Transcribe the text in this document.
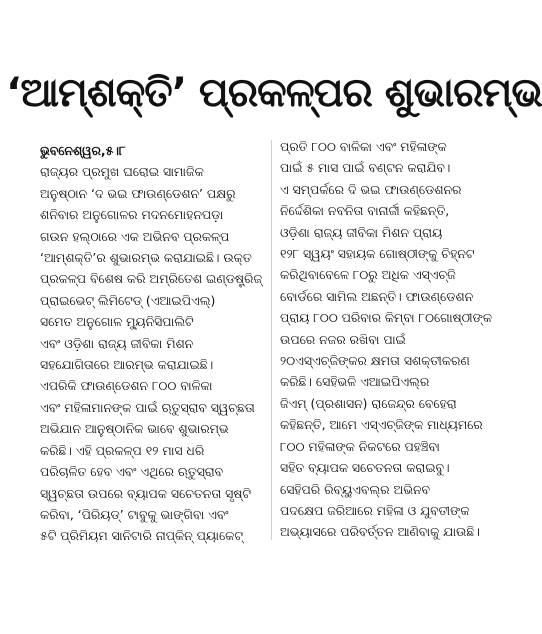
‘ଆମ୍ଶକ୍ତି’ ପ୍ରକଳ୍ପର ଶୁଭାରମ୍ଭ
ଭୁବନେଶ୍ୱର,୫।୮
ରାଜ୍ୟର ପ୍ରମୁଖ ଘରୋଇ ସାମାଜିକ
ଅନୁଷ୍ଠାନ ‘ଦ ଭଇ ଫାଉଣ୍ଡେଶନ’ ପକ୍ଷରୁ
ଶନିବାର ଅନୁଗୋଳର ମଦନମୋହନପଡ଼ା
ଗଉନ ହଲ୍‌ଠାରେ ଏକ ଅଭିନବ ପ୍ରକଳ୍ପ
‘ଆମ୍ଶକ୍ତି’ର ଶୁଭାରମ୍ଭ କରାଯାଇଛି। ଉକ୍ତ
ପ୍ରକଳ୍ପ ବିଶେଷ କରି ଅମ୍ରିତେଶ ଇଣ୍ଡଷ୍ଟ୍ରିଜ୍
ପ୍ରାଇଭେଟ୍ ଲିମିଟେଡ୍ (ଏଆଇପିଏଲ୍)
ସମେତ ଅନୁଗୋଳ ମ୍ୟୁନିସିପାଲିଟି
ଏବଂ ଓଡ଼ିଶା ରାଜ୍ୟ ଜୀବିକା ମିଶନ
ସହଯୋଗିତାରେ ଆରମ୍ଭ କରାଯାଇଛି।
ଏପରିକି ଫାଉଣ୍ଡେଶନ ୮୦୦ ବାଳିକା
ଏବଂ ମହିଳାମାନଙ୍କ ପାଇଁ ଋତୁସ୍ରାବ ସ୍ୱଚ୍ଛତା
ଅଭିଯାନ ଆନୁଷ୍ଠାନିକ ଭାବେ ଶୁଭାରମ୍ଭ
କରିଛି। ଏହି ପ୍ରକଳ୍ପ ୧୨ ମାସ ଧରି
ପରିଚାଳିତ ହେବ ଏବଂ ଏଥିରେ ଋତୁସ୍ରାବ
ସ୍ୱଚ୍ଛତା ଉପରେ ବ୍ୟାପକ ସଚେତନତା ସୃଷ୍ଟି
କରିବା, ‘ପିରିୟଡ୍’ ଟାବୁକୁ ଭାଙ୍ଗିବା ଏବଂ
୫ଟି ପ୍ରିମିୟମ ସାନିଟାରି ନାପ୍‌କିନ୍ ପ୍ୟାକେଟ୍
ପ୍ରତି ୮୦୦ ବାଳିକା ଏବଂ ମହିଳାଙ୍କ
ପାଇଁ ୫ ମାସ ପାଇଁ ବଣ୍ଟନ କରାଯିବ।
ଏ ସମ୍ପର୍କରେ ଦି ଭଇ ଫାଉଣ୍ଡେଶନର
ନିର୍ଦ୍ଦେଶିକା ନବନିତା ବାନାର୍ଜୀ କହିଛନ୍ତି,
ଓଡ଼ିଶା ରାଜ୍ୟ ଜୀବିକା ମିଶନ ପ୍ରାୟ
୧୨୮ ସ୍ୱୟଂ ସହାୟକ ଗୋଷ୍ଠୀଙ୍କୁ ଚିହ୍ନଟ
କରିଥିବାବେଳେ ୮୦ରୁ ଅଧିକ ଏସ୍‌ଏଚ୍‌ଜି
ବୋର୍ଡରେ ସାମିଲ ଅଛନ୍ତି। ଫାଉଣ୍ଡେଶନ
ପ୍ରାୟ ୮୦୦ ପରିବାର କିମ୍ବା ୮୦ଗୋଷ୍ଠୀଙ୍କ
ଉପରେ ନଜର ରଖିବା ପାଇଁ
୨୦ଏସ୍‌ଏଚ୍‌ଜିଙ୍କର କ୍ଷମତା ସଶକ୍ତୀକରଣ
କରିଛି। ସେହିଭଳି ଏଆଇପିଏଲ୍‌ର
ଜିଏମ୍ (ପ୍ରଶାସନ) ରାଜେନ୍ଦ୍ର ବେହେରା
କହିଛନ୍ତି, ଆମେ ଏସ୍‌ଏଚ୍‌ଜିଙ୍କ ମାଧ୍ୟମରେ
୮୦୦ ମହିଳାଙ୍କ ନିକଟରେ ପହଞ୍ଚିବା
ସହିତ ବ୍ୟାପକ ସଚେତନତା କରାଇବୁ।
ସେହିପରି ରିବ୍‌ୟୁଏବଲ୍‌ର ଅଭିନବ
ପଦକ୍ଷେପ ଜରିଆରେ ମହିଳା ଓ ଯୁବତୀଙ୍କ
ଅଭ୍ୟାସରେ ପରିବର୍ତ୍ତନ ଆଣିବାକୁ ଯାଉଛି।
